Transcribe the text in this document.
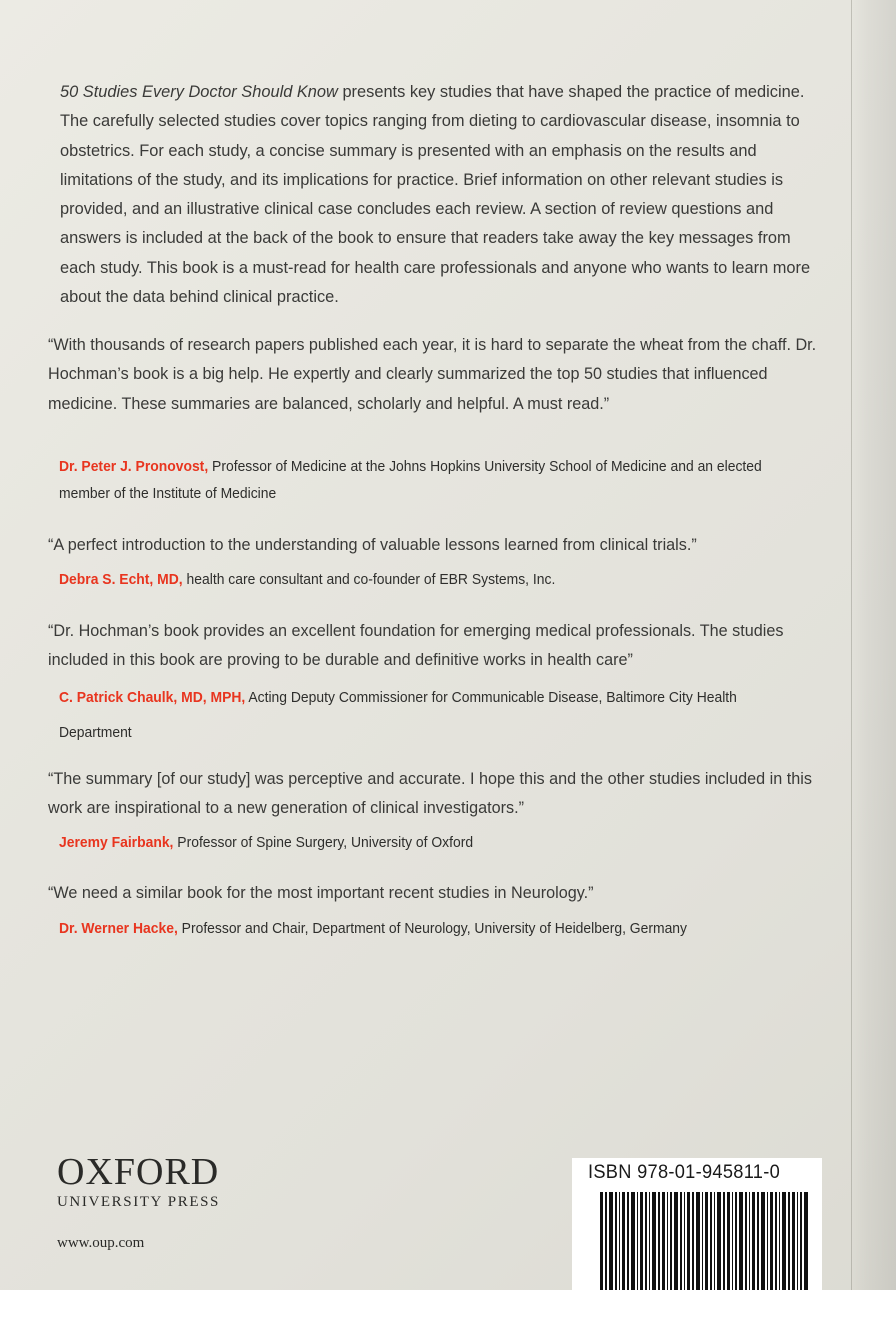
50 Studies Every Doctor Should Know presents key studies that have shaped the practice of medicine. The carefully selected studies cover topics ranging from dieting to cardiovascular disease, insomnia to obstetrics. For each study, a concise summary is presented with an emphasis on the results and limitations of the study, and its implications for practice. Brief information on other relevant studies is provided, and an illustrative clinical case concludes each review. A section of review questions and answers is included at the back of the book to ensure that readers take away the key messages from each study. This book is a must-read for health care professionals and anyone who wants to learn more about the data behind clinical practice.

“With thousands of research papers published each year, it is hard to separate the wheat from the chaff. Dr. Hochman’s book is a big help. He expertly and clearly summarized the top 50 studies that influenced medicine. These summaries are balanced, scholarly and helpful. A must read.”

Dr. Peter J. Pronovost, Professor of Medicine at the Johns Hopkins University School of Medicine and an elected member of the Institute of Medicine

“A perfect introduction to the understanding of valuable lessons learned from clinical trials.”

Debra S. Echt, MD, health care consultant and co-founder of EBR Systems, Inc.

“Dr. Hochman’s book provides an excellent foundation for emerging medical professionals. The studies included in this book are proving to be durable and definitive works in health care”

C. Patrick Chaulk, MD, MPH, Acting Deputy Commissioner for Communicable Disease, Baltimore City Health Department

“The summary [of our study] was perceptive and accurate. I hope this and the other studies included in this work are inspirational to a new generation of clinical investigators.”

Jeremy Fairbank, Professor of Spine Surgery, University of Oxford

“We need a similar book for the most important recent studies in Neurology.”

Dr. Werner Hacke, Professor and Chair, Department of Neurology, University of Heidelberg, Germany

OXFORD
UNIVERSITY PRESS
www.oup.com
ISBN 978-01-945811-0
